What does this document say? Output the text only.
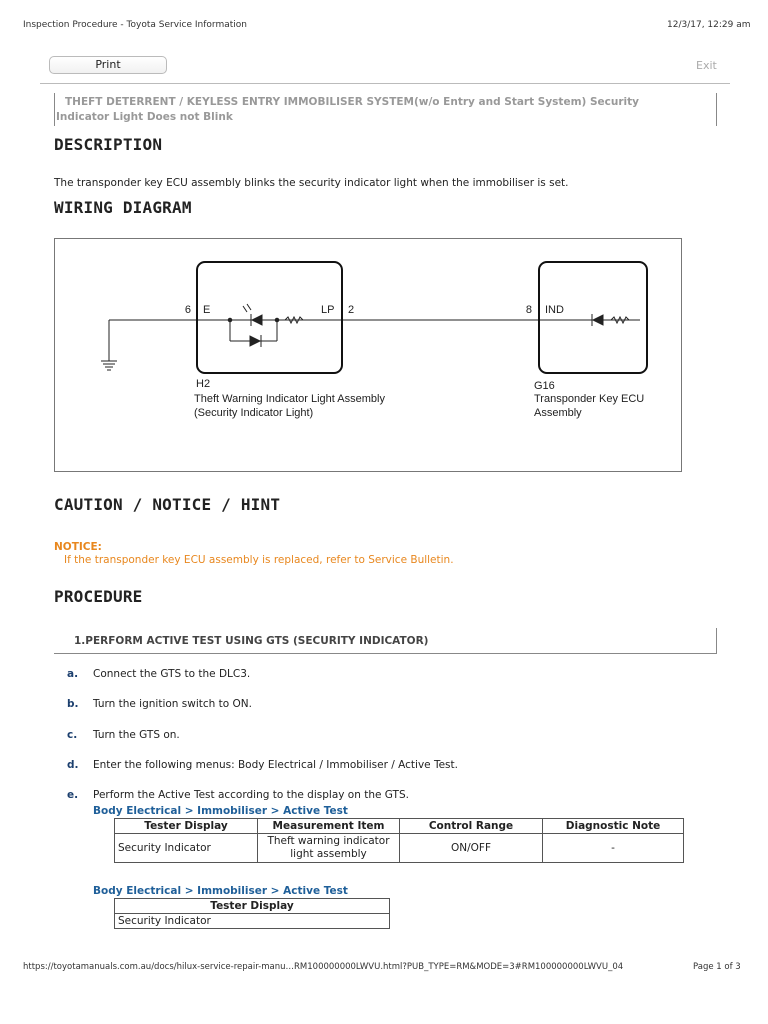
Inspection Procedure - Toyota Service Information	12/3/17, 12:29 am
Print	Exit
THEFT DETERRENT / KEYLESS ENTRY IMMOBILISER SYSTEM(w/o Entry and Start System) Security
Indicator Light Does not Blink
DESCRIPTION
The transponder key ECU assembly blinks the security indicator light when the immobiliser is set.
WIRING DIAGRAM
6 E	LP 2	8 IND
H2
Theft Warning Indicator Light Assembly
(Security Indicator Light)
G16
Transponder Key ECU
Assembly
CAUTION / NOTICE / HINT
NOTICE:
If the transponder key ECU assembly is replaced, refer to Service Bulletin.
PROCEDURE
1.PERFORM ACTIVE TEST USING GTS (SECURITY INDICATOR)
a. Connect the GTS to the DLC3.
b. Turn the ignition switch to ON.
c. Turn the GTS on.
d. Enter the following menus: Body Electrical / Immobiliser / Active Test.
e. Perform the Active Test according to the display on the GTS.
Body Electrical > Immobiliser > Active Test
Tester Display	Measurement Item	Control Range	Diagnostic Note
Security Indicator	Theft warning indicator light assembly	ON/OFF	-
Body Electrical > Immobiliser > Active Test
Tester Display
Security Indicator
https://toyotamanuals.com.au/docs/hilux-service-repair-manu…RM100000000LWVU.html?PUB_TYPE=RM&MODE=3#RM100000000LWVU_04	Page 1 of 3
